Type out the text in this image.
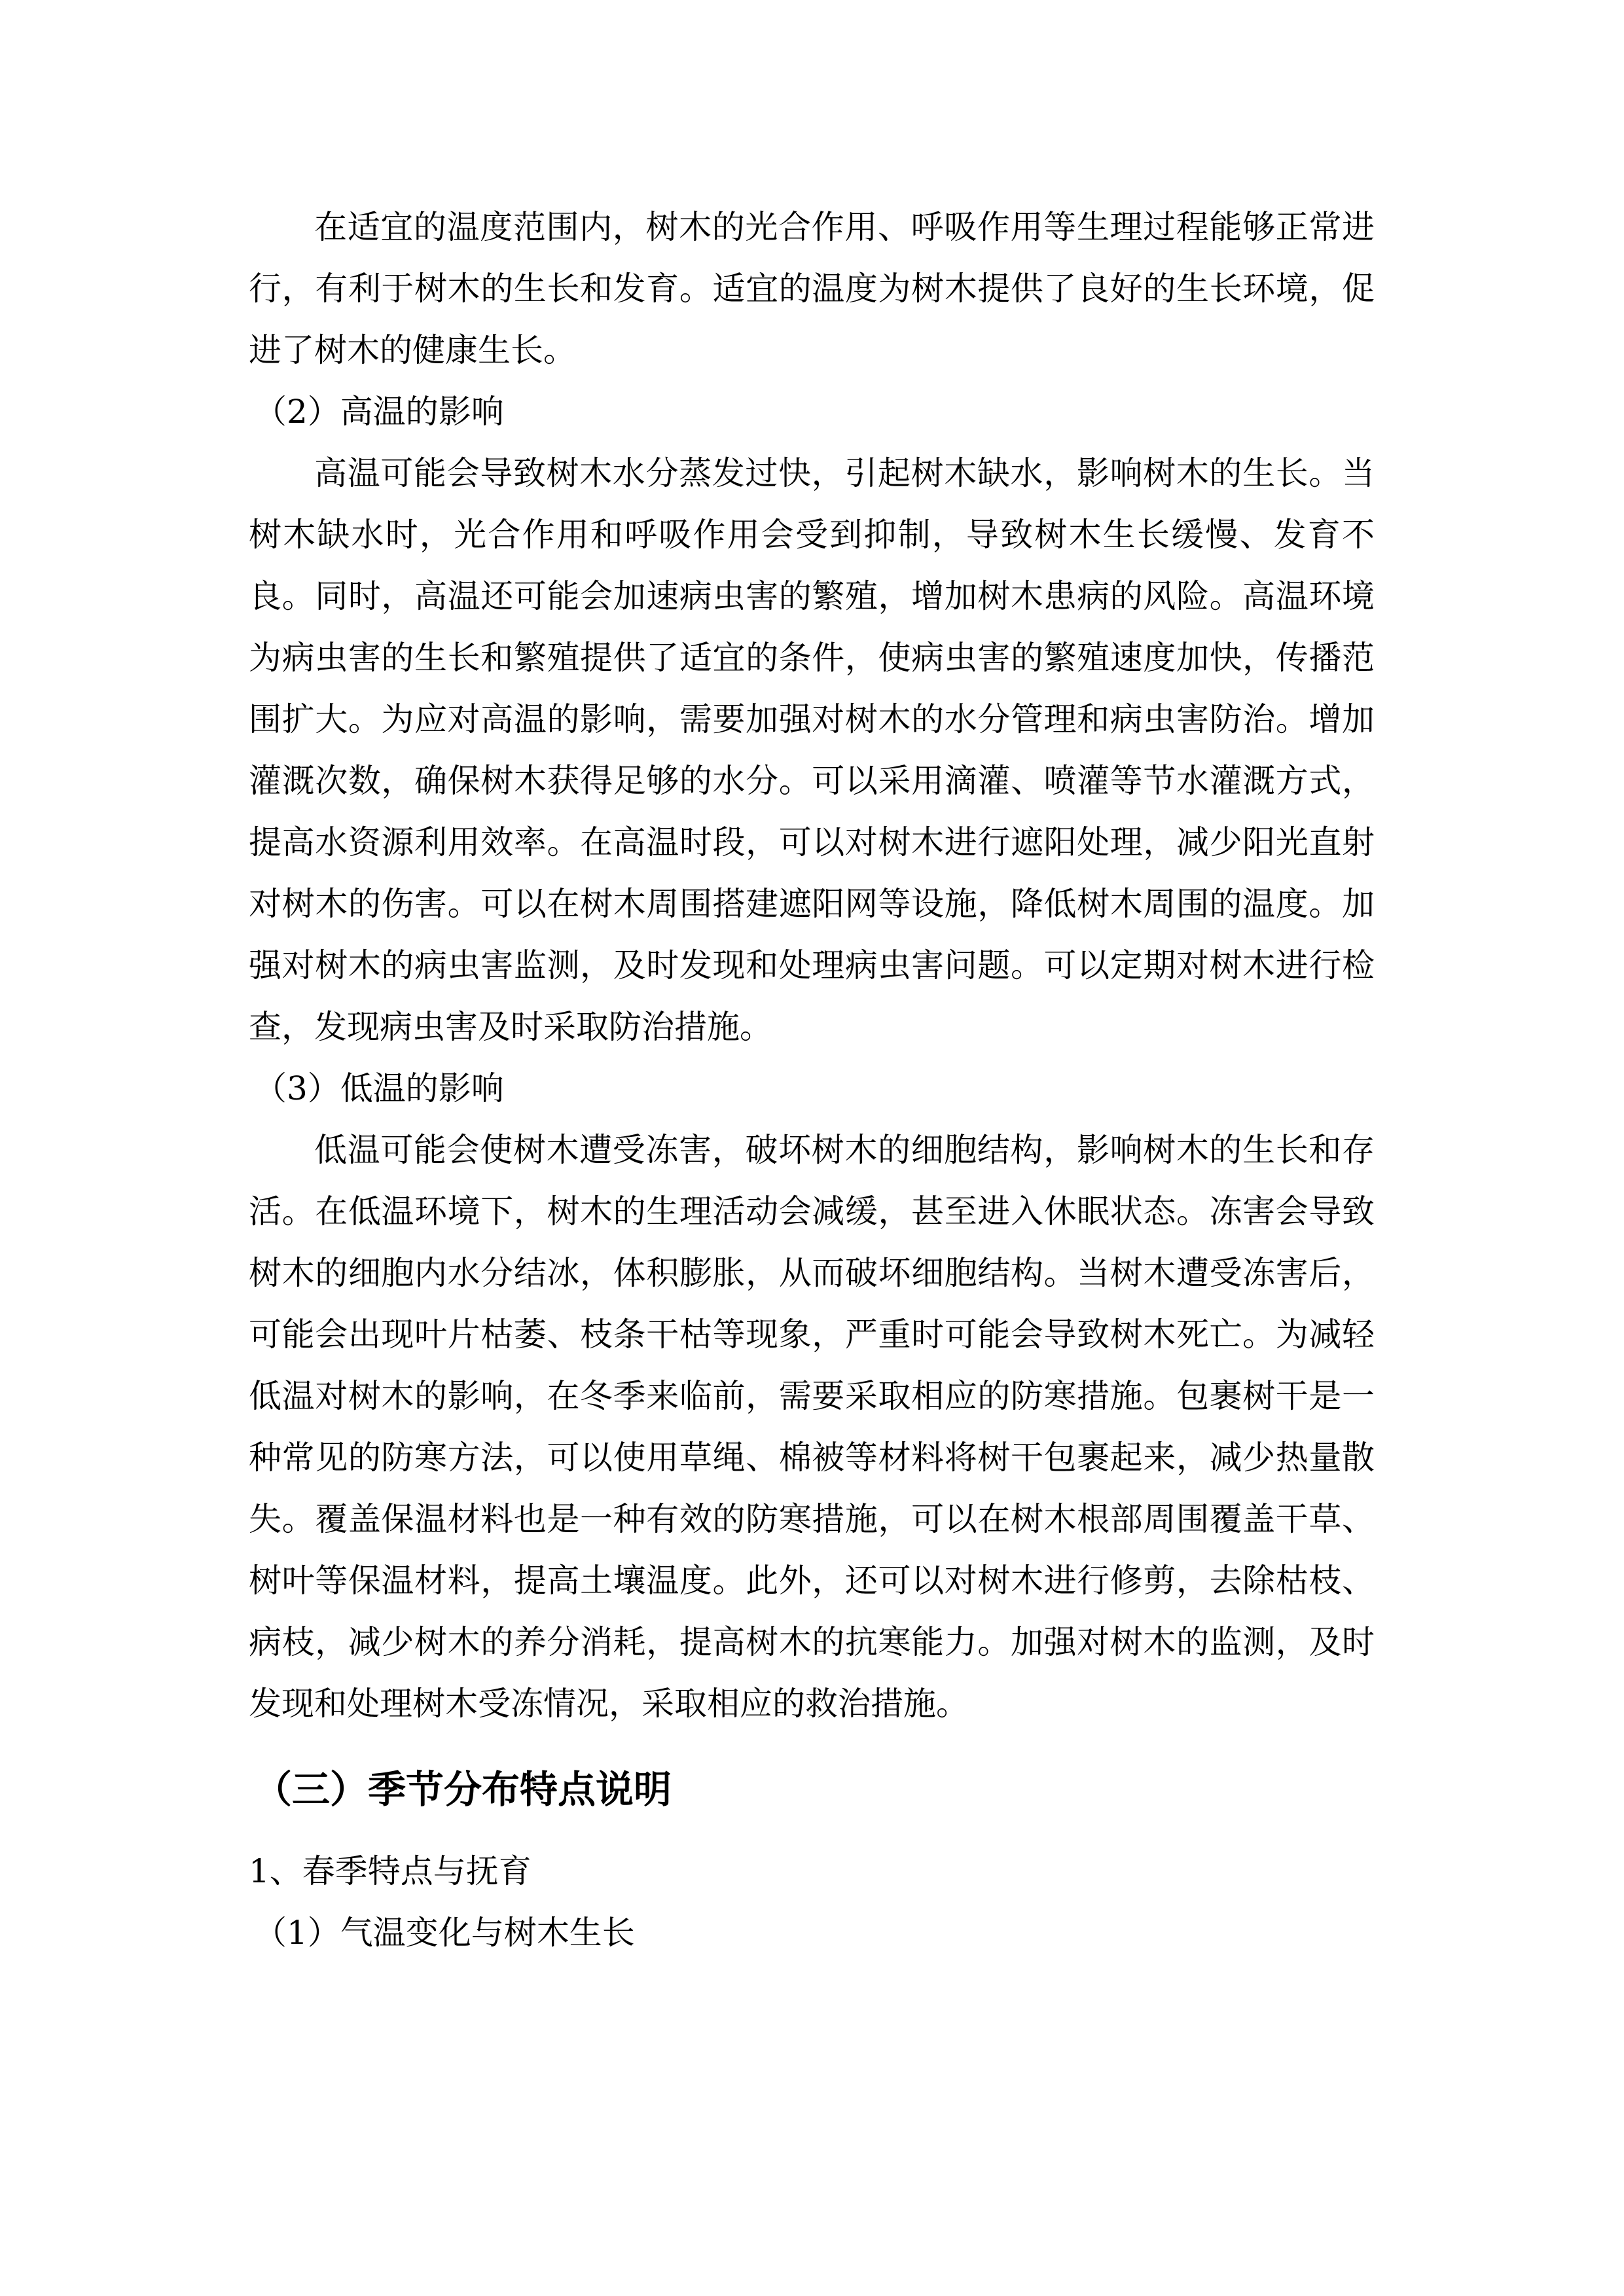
在适宜的温度范围内，树木的光合作用、呼吸作用等生理过程能够正常进行，有利于树木的生长和发育。适宜的温度为树木提供了良好的生长环境，促进了树木的健康生长。

（2）高温的影响

高温可能会导致树木水分蒸发过快，引起树木缺水，影响树木的生长。当树木缺水时，光合作用和呼吸作用会受到抑制，导致树木生长缓慢、发育不良。同时，高温还可能会加速病虫害的繁殖，增加树木患病的风险。高温环境为病虫害的生长和繁殖提供了适宜的条件，使病虫害的繁殖速度加快，传播范围扩大。为应对高温的影响，需要加强对树木的水分管理和病虫害防治。增加灌溉次数，确保树木获得足够的水分。可以采用滴灌、喷灌等节水灌溉方式，提高水资源利用效率。在高温时段，可以对树木进行遮阳处理，减少阳光直射对树木的伤害。可以在树木周围搭建遮阳网等设施，降低树木周围的温度。加强对树木的病虫害监测，及时发现和处理病虫害问题。可以定期对树木进行检查，发现病虫害及时采取防治措施。

（3）低温的影响

低温可能会使树木遭受冻害，破坏树木的细胞结构，影响树木的生长和存活。在低温环境下，树木的生理活动会减缓，甚至进入休眠状态。冻害会导致树木的细胞内水分结冰，体积膨胀，从而破坏细胞结构。当树木遭受冻害后，可能会出现叶片枯萎、枝条干枯等现象，严重时可能会导致树木死亡。为减轻低温对树木的影响，在冬季来临前，需要采取相应的防寒措施。包裹树干是一种常见的防寒方法，可以使用草绳、棉被等材料将树干包裹起来，减少热量散失。覆盖保温材料也是一种有效的防寒措施，可以在树木根部周围覆盖干草、树叶等保温材料，提高土壤温度。此外，还可以对树木进行修剪，去除枯枝、病枝，减少树木的养分消耗，提高树木的抗寒能力。加强对树木的监测，及时发现和处理树木受冻情况，采取相应的救治措施。

（三）季节分布特点说明

1、春季特点与抚育

（1）气温变化与树木生长
